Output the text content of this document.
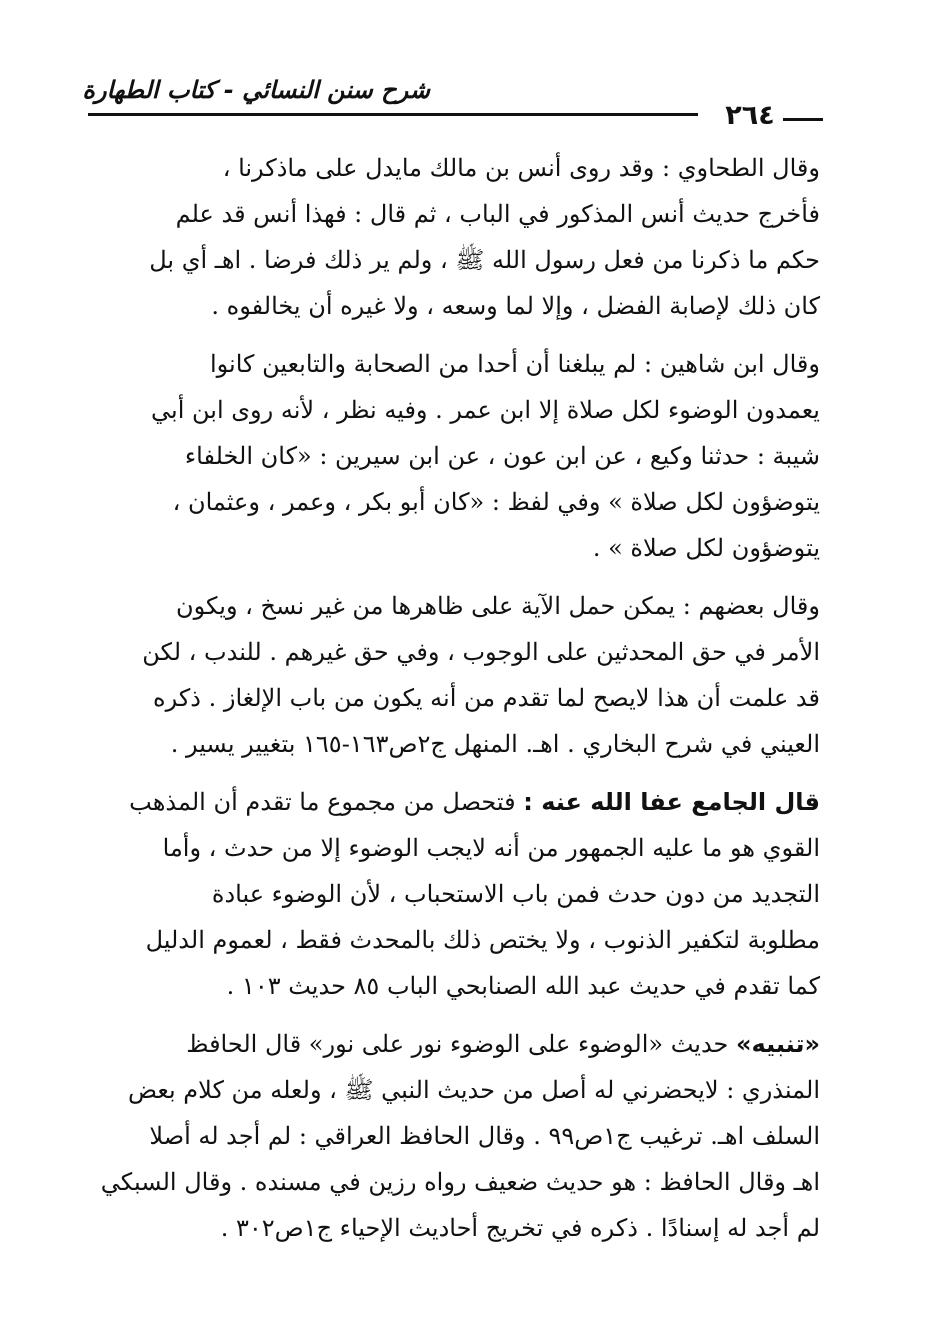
شرح سنن النسائي - كتاب الطهارة
٢٦٤

وقال الطحاوي : وقد روى أنس بن مالك مايدل على ماذكرنا ،

فأخرج حديث أنس المذكور في الباب ، ثم قال : فهذا أنس قد علم

حكم ما ذكرنا من فعل رسول الله ﷺ ، ولم ير ذلك فرضا . اهـ أي بل

كان ذلك لإصابة الفضل ، وإلا لما وسعه ، ولا غيره أن يخالفوه .

وقال ابن شاهين : لم يبلغنا أن أحدا من الصحابة والتابعين كانوا

يعمدون الوضوء لكل صلاة إلا ابن عمر . وفيه نظر ، لأنه روى ابن أبي

شيبة : حدثنا وكيع ، عن ابن عون ، عن ابن سيرين : «كان الخلفاء

يتوضؤون لكل صلاة » وفي لفظ : «كان أبو بكر ، وعمر ، وعثمان ،

يتوضؤون لكل صلاة » .

وقال بعضهم : يمكن حمل الآية على ظاهرها من غير نسخ ، ويكون

الأمر في حق المحدثين على الوجوب ، وفي حق غيرهم . للندب ، لكن

قد علمت أن هذا لايصح لما تقدم من أنه يكون من باب الإلغاز . ذكره

العيني في شرح البخاري . اهـ. المنهل ج٢ص١٦٣-١٦٥ بتغيير يسير .

قال الجامع عفا الله عنه : فتحصل من مجموع ما تقدم أن المذهب

القوي هو ما عليه الجمهور من أنه لايجب الوضوء إلا من حدث ، وأما

التجديد من دون حدث فمن باب الاستحباب ، لأن الوضوء عبادة

مطلوبة لتكفير الذنوب ، ولا يختص ذلك بالمحدث فقط ، لعموم الدليل

كما تقدم في حديث عبد الله الصنابحي الباب ٨٥ حديث ١٠٣ .

«تنبيه» حديث «الوضوء على الوضوء نور على نور» قال الحافظ

المنذري : لايحضرني له أصل من حديث النبي ﷺ ، ولعله من كلام بعض

السلف اهـ. ترغيب ج١ص٩٩ . وقال الحافظ العراقي : لم أجد له أصلا

اهـ وقال الحافظ : هو حديث ضعيف رواه رزين في مسنده . وقال السبكي

لم أجد له إسنادًا . ذكره في تخريج أحاديث الإحياء ج١ص٣٠٢ .
